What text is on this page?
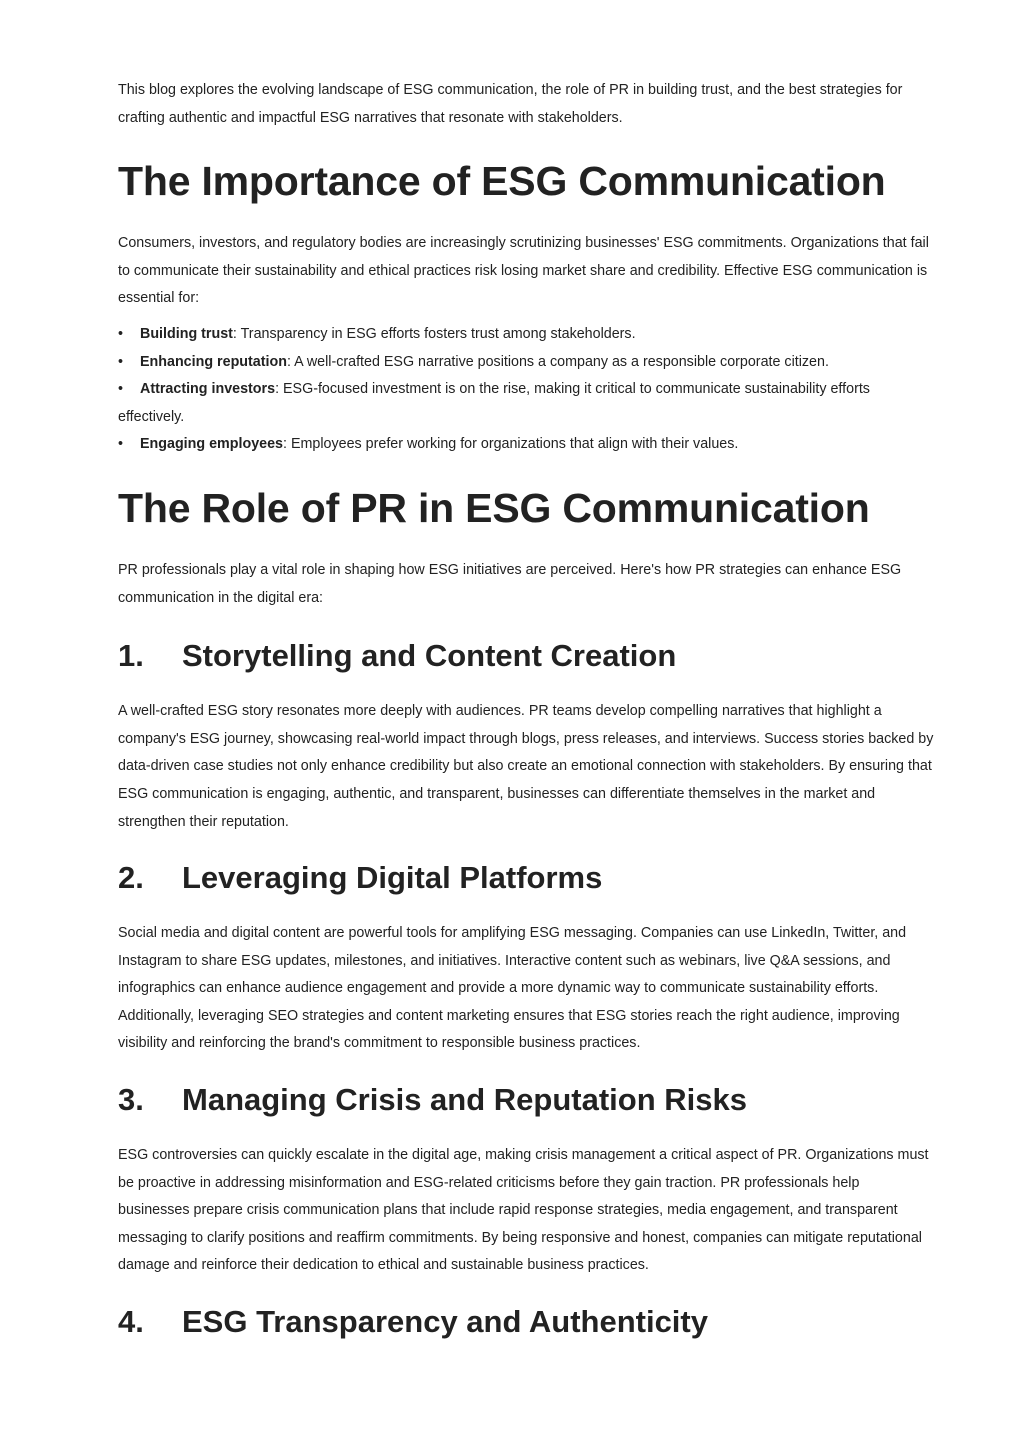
This blog explores the evolving landscape of ESG communication, the role of PR in building trust, and the best strategies for crafting authentic and impactful ESG narratives that resonate with stakeholders.

The Importance of ESG Communication

Consumers, investors, and regulatory bodies are increasingly scrutinizing businesses' ESG commitments. Organizations that fail to communicate their sustainability and ethical practices risk losing market share and credibility. Effective ESG communication is essential for:

• Building trust: Transparency in ESG efforts fosters trust among stakeholders.
• Enhancing reputation: A well-crafted ESG narrative positions a company as a responsible corporate citizen.
• Attracting investors: ESG-focused investment is on the rise, making it critical to communicate sustainability efforts effectively.
• Engaging employees: Employees prefer working for organizations that align with their values.
The Role of PR in ESG Communication

PR professionals play a vital role in shaping how ESG initiatives are perceived. Here's how PR strategies can enhance ESG communication in the digital era:

1.	Storytelling and Content Creation

A well-crafted ESG story resonates more deeply with audiences. PR teams develop compelling narratives that highlight a company's ESG journey, showcasing real-world impact through blogs, press releases, and interviews. Success stories backed by data-driven case studies not only enhance credibility but also create an emotional connection with stakeholders. By ensuring that ESG communication is engaging, authentic, and transparent, businesses can differentiate themselves in the market and strengthen their reputation.

2.	Leveraging Digital Platforms

Social media and digital content are powerful tools for amplifying ESG messaging. Companies can use LinkedIn, Twitter, and Instagram to share ESG updates, milestones, and initiatives. Interactive content such as webinars, live Q&A sessions, and infographics can enhance audience engagement and provide a more dynamic way to communicate sustainability efforts. Additionally, leveraging SEO strategies and content marketing ensures that ESG stories reach the right audience, improving visibility and reinforcing the brand's commitment to responsible business practices.

3.	Managing Crisis and Reputation Risks

ESG controversies can quickly escalate in the digital age, making crisis management a critical aspect of PR. Organizations must be proactive in addressing misinformation and ESG-related criticisms before they gain traction. PR professionals help businesses prepare crisis communication plans that include rapid response strategies, media engagement, and transparent messaging to clarify positions and reaffirm commitments. By being responsive and honest, companies can mitigate reputational damage and reinforce their dedication to ethical and sustainable business practices.

4.	ESG Transparency and Authenticity
